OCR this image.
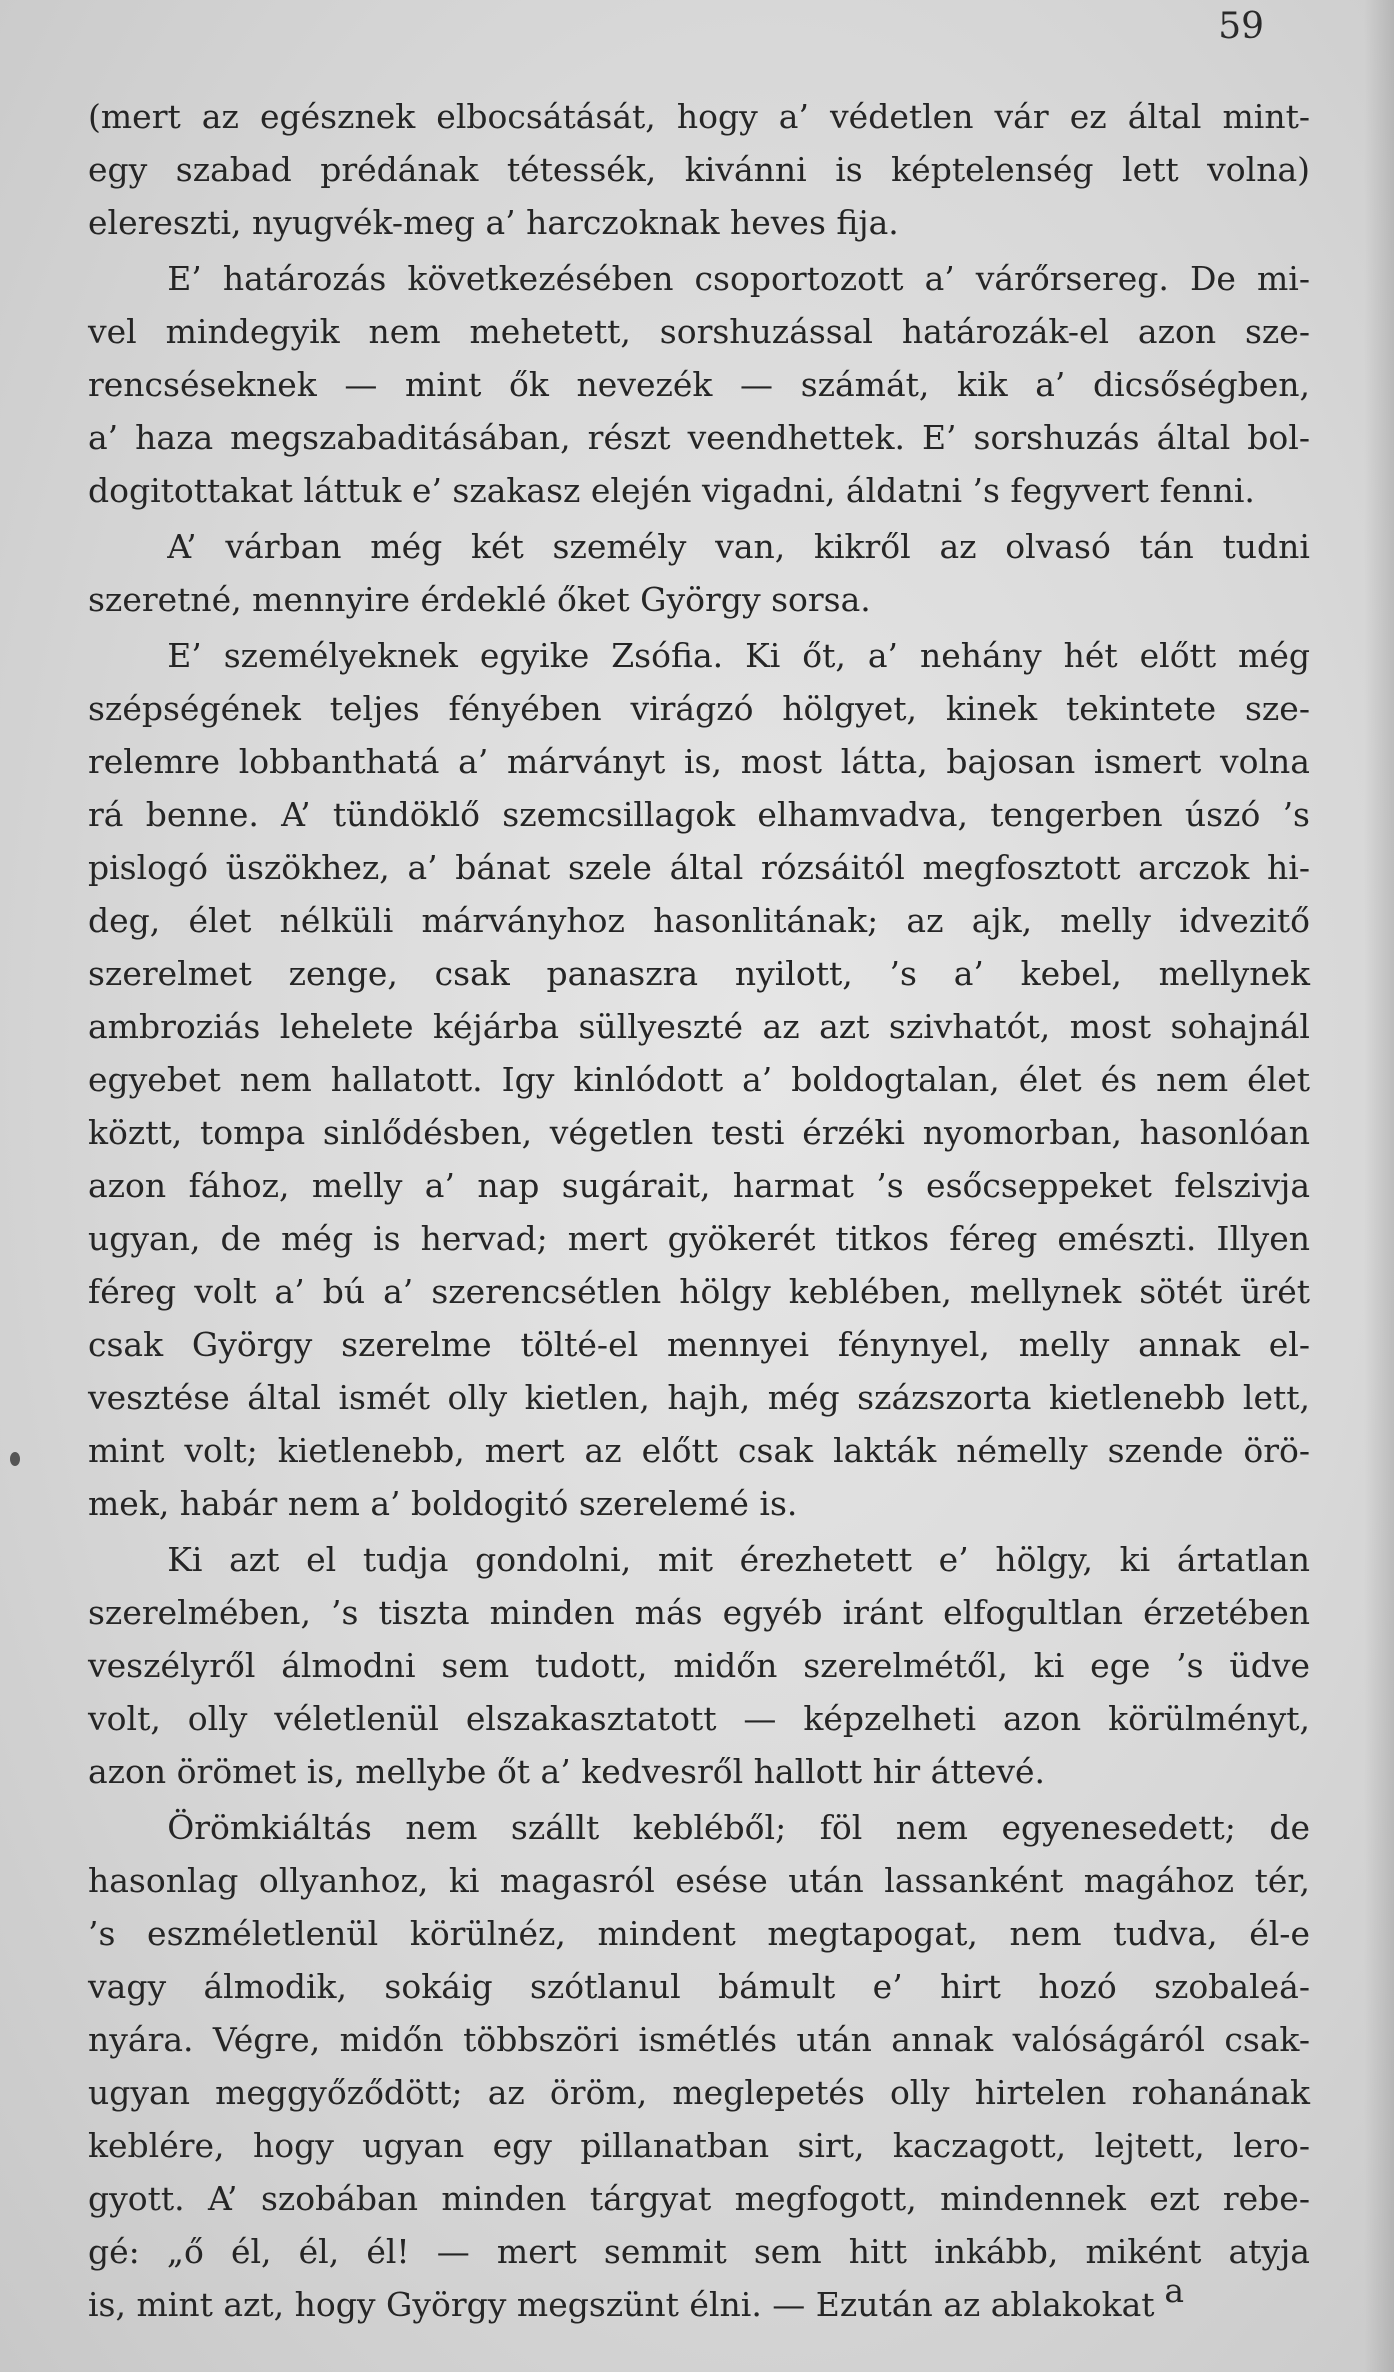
59

(mert az egésznek elbocsátását, hogy a’ védetlen vár ez által mint-
egy szabad prédának tétessék, kivánni is képtelenség lett volna)
elereszti, nyugvék-meg a’ harczoknak heves fija.
E’ határozás következésében csoportozott a’ várőrsereg. De mi-
vel mindegyik nem mehetett, sorshuzással határozák-el azon sze-
rencséseknek — mint ők nevezék — számát, kik a’ dicsőségben,
a’ haza megszabaditásában, részt veendhettek. E’ sorshuzás által bol-
dogitottakat láttuk e’ szakasz elején vigadni, áldatni ’s fegyvert fenni.
A’ várban még két személy van, kikről az olvasó tán tudni
szeretné, mennyire érdeklé őket György sorsa.
E’ személyeknek egyike Zsófia. Ki őt, a’ nehány hét előtt még
szépségének teljes fényében virágzó hölgyet, kinek tekintete sze-
relemre lobbanthatá a’ márványt is, most látta, bajosan ismert volna
rá benne. A’ tündöklő szemcsillagok elhamvadva, tengerben úszó ’s
pislogó üszökhez, a’ bánat szele által rózsáitól megfosztott arczok hi-
deg, élet nélküli márványhoz hasonlitának; az ajk, melly idvezitő
szerelmet zenge, csak panaszra nyilott, ’s a’ kebel, mellynek
ambroziás lehelete kéjárba süllyeszté az azt szivhatót, most sohajnál
egyebet nem hallatott. Igy kinlódott a’ boldogtalan, élet és nem élet
köztt, tompa sinlődésben, végetlen testi érzéki nyomorban, hasonlóan
azon fához, melly a’ nap sugárait, harmat ’s esőcseppeket felszivja
ugyan, de még is hervad; mert gyökerét titkos féreg emészti. Illyen
féreg volt a’ bú a’ szerencsétlen hölgy keblében, mellynek sötét ürét
csak György szerelme tölté-el mennyei fénynyel, melly annak el-
vesztése által ismét olly kietlen, hajh, még százszorta kietlenebb lett,
mint volt; kietlenebb, mert az előtt csak lakták némelly szende örö-
mek, habár nem a’ boldogitó szerelemé is.
Ki azt el tudja gondolni, mit érezhetett e’ hölgy, ki ártatlan
szerelmében, ’s tiszta minden más egyéb iránt elfogultlan érzetében
veszélyről álmodni sem tudott, midőn szerelmétől, ki ege ’s üdve
volt, olly véletlenül elszakasztatott — képzelheti azon körülményt,
azon örömet is, mellybe őt a’ kedvesről hallott hir áttevé.
Örömkiáltás nem szállt kebléből; föl nem egyenesedett; de
hasonlag ollyanhoz, ki magasról esése után lassanként magához tér,
’s eszméletlenül körülnéz, mindent megtapogat, nem tudva, él-e
vagy álmodik, sokáig szótlanul bámult e’ hirt hozó szobaleá-
nyára. Végre, midőn többszöri ismétlés után annak valóságáról csak-
ugyan meggyőződött; az öröm, meglepetés olly hirtelen rohanának
keblére, hogy ugyan egy pillanatban sirt, kaczagott, lejtett, lero-
gyott. A’ szobában minden tárgyat megfogott, mindennek ezt rebe-
gé: „ő él, él, él! — mert semmit sem hitt inkább, miként atyja
is, mint azt, hogy György megszünt élni. — Ezután az ablakokat a
